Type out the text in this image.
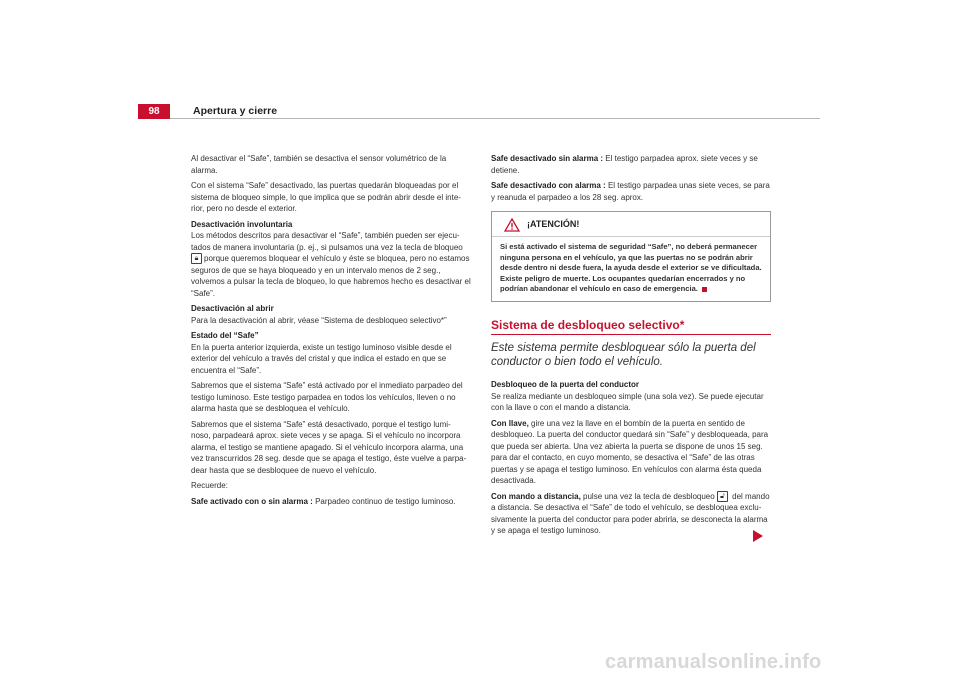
98	Apertura y cierre

Al desactivar el “Safe”, también se desactiva el sensor volumétrico de la alarma.

Con el sistema “Safe” desactivado, las puertas quedarán bloqueadas por el sistema de bloqueo simple, lo que implica que se podrán abrir desde el inte- rior, pero no desde el exterior.

Desactivación involuntaria

Los métodos descritos para desactivar el “Safe”, también pueden ser ejecu- tados de manera involuntaria (p. ej., si pulsamos una vez la tecla de bloqueo 🔒︎ porque queremos bloquear el vehículo y éste se bloquea, pero no estamos seguros de que se haya bloqueado y en un intervalo menos de 2 seg., volvemos a pulsar la tecla de bloqueo, lo que habremos hecho es desactivar el “Safe”.

Desactivación al abrir

Para la desactivación al abrir, véase “Sistema de desbloqueo selectivo*”

Estado del “Safe”

En la puerta anterior izquierda, existe un testigo luminoso visible desde el exterior del vehículo a través del cristal y que indica el estado en que se encuentra el “Safe”.

Sabremos que el sistema “Safe” está activado por el inmediato parpadeo del testigo luminoso. Este testigo parpadea en todos los vehículos, lleven o no alarma hasta que se desbloquea el vehículo.

Sabremos que el sistema “Safe” está desactivado, porque el testigo lumi- noso, parpadeará aprox. siete veces y se apaga. Si el vehículo no incorpora alarma, el testigo se mantiene apagado. Si el vehículo incorpora alarma, una vez transcurridos 28 seg. desde que se apaga el testigo, éste vuelve a parpa- dear hasta que se desbloquee de nuevo el vehículo.

Recuerde:

Safe activado con o sin alarma : Parpadeo continuo de testigo luminoso.

Safe desactivado sin alarma : El testigo parpadea aprox. siete veces y se detiene.

Safe desactivado con alarma : El testigo parpadea unas siete veces, se para y reanuda el parpadeo a los 28 seg. aprox.

¡ATENCIÓN!
Si está activado el sistema de seguridad “Safe”, no deberá permanecer ninguna persona en el vehículo, ya que las puertas no se podrán abrir desde dentro ni desde fuera, la ayuda desde el exterior se ve dificultada. Existe peligro de muerte. Los ocupantes quedarían encerrados y no podrían abandonar el vehículo en caso de emergencia.
Sistema de desbloqueo selectivo*
Este sistema permite desbloquear sólo la puerta del conductor o bien todo el vehículo.
Desbloqueo de la puerta del conductor

Se realiza mediante un desbloqueo simple (una sola vez). Se puede ejecutar con la llave o con el mando a distancia.

Con llave, gire una vez la llave en el bombín de la puerta en sentido de desbloqueo. La puerta del conductor quedará sin “Safe” y desbloqueada, para que pueda ser abierta. Una vez abierta la puerta se dispone de unos 15 seg. para dar el contacto, en cuyo momento, se desactiva el “Safe” de las otras puertas y se apaga el testigo luminoso. En vehículos con alarma ésta queda desactivada.

Con mando a distancia, pulse una vez la tecla de desbloqueo 🔓︎ del mando a distancia. Se desactiva el “Safe” de todo el vehículo, se desbloquea exclu- sivamente la puerta del conductor para poder abrirla, se desconecta la alarma y se apaga el testigo luminoso.

carmanualsonline.info
